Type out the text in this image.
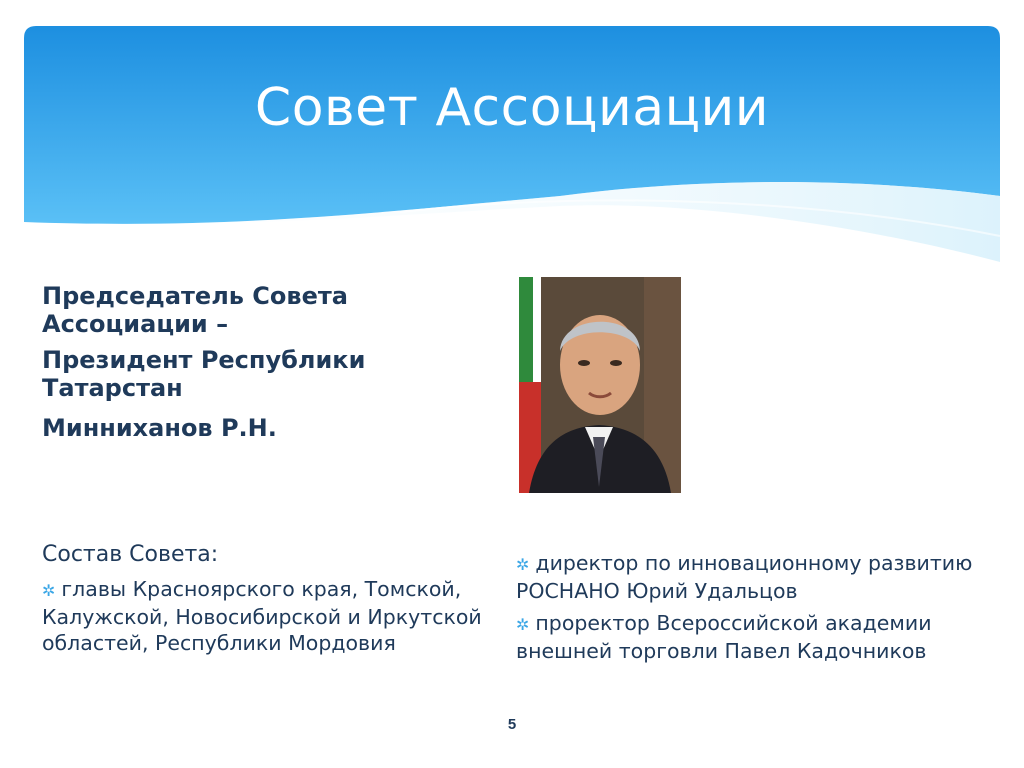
Совет Ассоциации

Председатель Совета

Ассоциации –

Президент Республики

Татарстан

Минниханов Р.Н.

Состав Совета:

✲ главы Красноярского края, Томской, Калужской, Новосибирской и Иркутской областей, Республики Мордовия
✲ директор по инновационному развитию РОСНАНО Юрий Удальцов
✲ проректор Всероссийской академии внешней торговли Павел Кадочников
5
